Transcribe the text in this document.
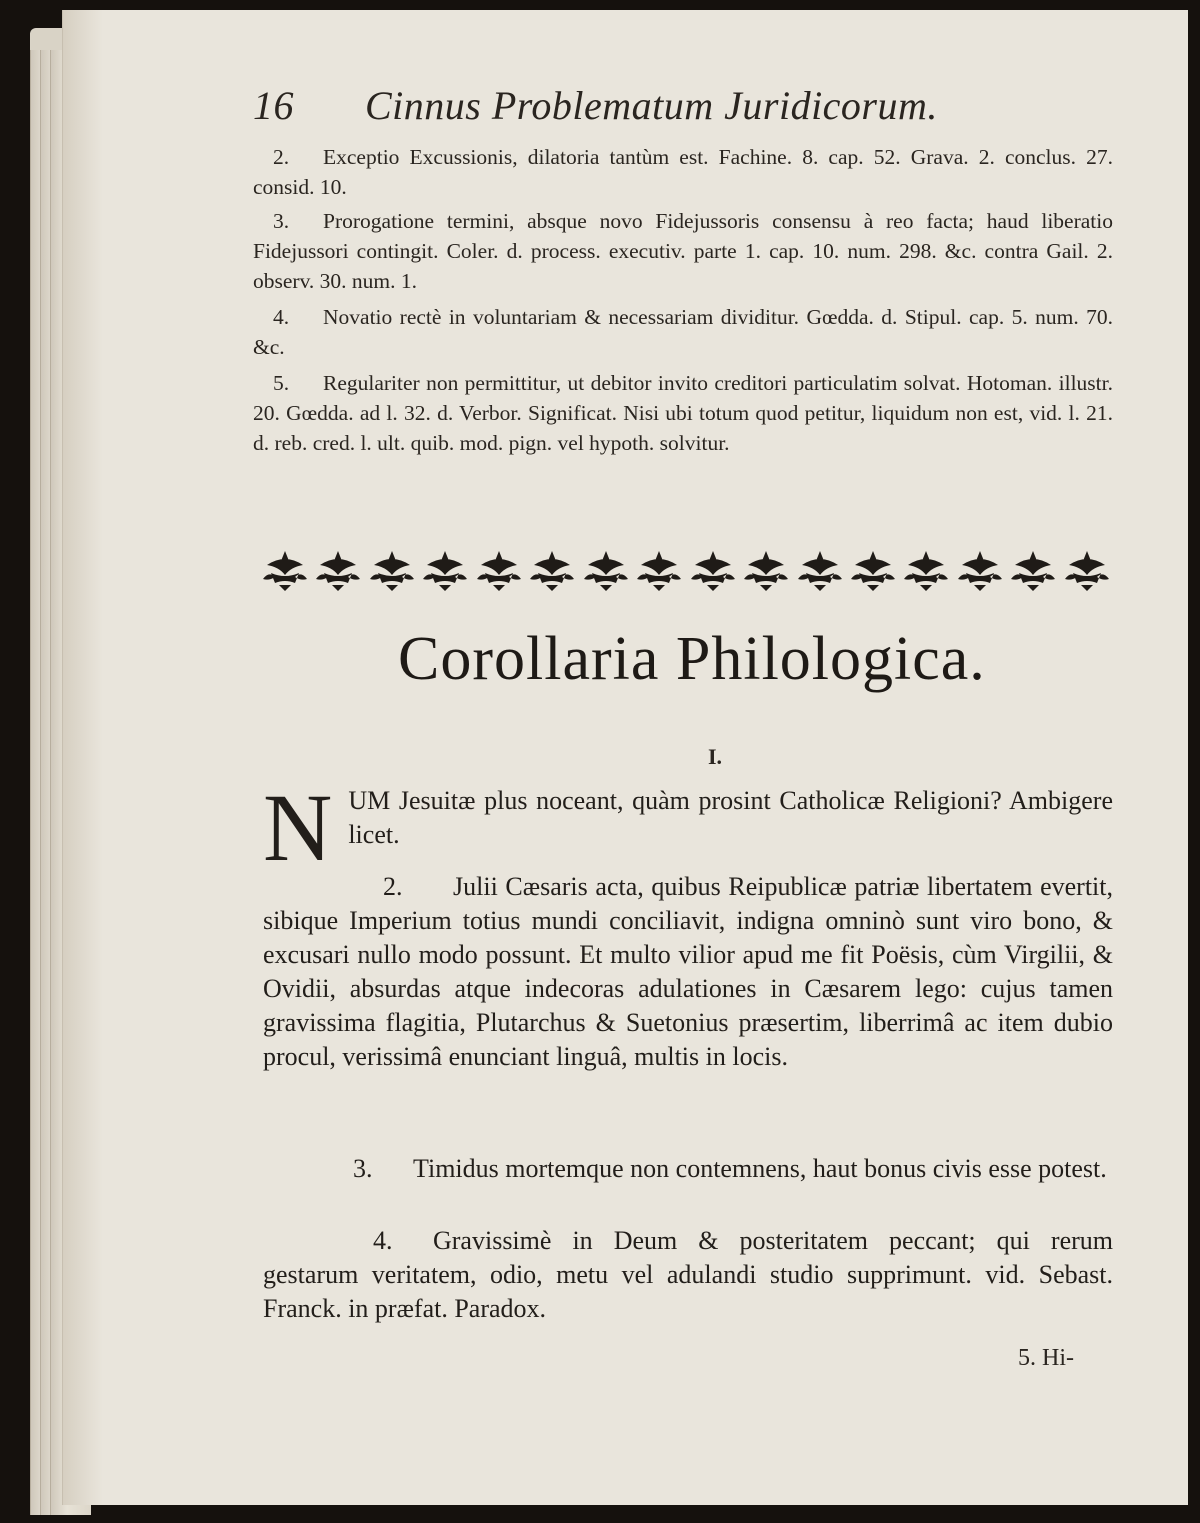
16 Cinnus Problematum Juridicorum.
2. Exceptio Excussionis, dilatoria tantùm est. Fachine. 8. cap. 52. Grava. 2. conclus. 27. consid. 10.
3. Prorogatione termini, absque novo Fidejussoris consensu à reo facta; haud liberatio Fidejussori contingit. Coler. d. process. executiv. parte 1. cap. 10. num. 298. &c. contra Gail. 2. observ. 30. num. 1.
4. Novatio rectè in voluntariam & necessariam dividitur. Gœdda. d. Stipul. cap. 5. num. 70. &c.
5. Regulariter non permittitur, ut debitor invito creditori particulatim solvat. Hotoman. illustr. 20. Gœdda. ad l. 32. d. Verbor. Significat. Nisi ubi totum quod petitur, liquidum non est, vid. l. 21. d. reb. cred. l. ult. quib. mod. pign. vel hypoth. solvitur.
Corollaria Philologica.
I.
NUM Jesuitæ plus noceant, quàm prosint Catholicæ Religioni? Ambigere licet.
2. Julii Cæsaris acta, quibus Reipublicæ patriæ libertatem evertit, sibique Imperium totius mundi conciliavit, indigna omninò sunt viro bono, & excusari nullo modo possunt. Et multo vilior apud me fit Poësis, cùm Virgilii, & Ovidii, absurdas atque indecoras adulationes in Cæsarem lego: cujus tamen gravissima flagitia, Plutarchus & Suetonius præsertim, liberrimâ ac item dubio procul, verissimâ enunciant linguâ, multis in locis.
3. Timidus mortemque non contemnens, haut bonus civis esse potest.
4. Gravissimè in Deum & posteritatem peccant; qui rerum gestarum veritatem, odio, metu vel adulandi studio supprimunt. vid. Sebast. Franck. in præfat. Paradox.
5. Hi-
